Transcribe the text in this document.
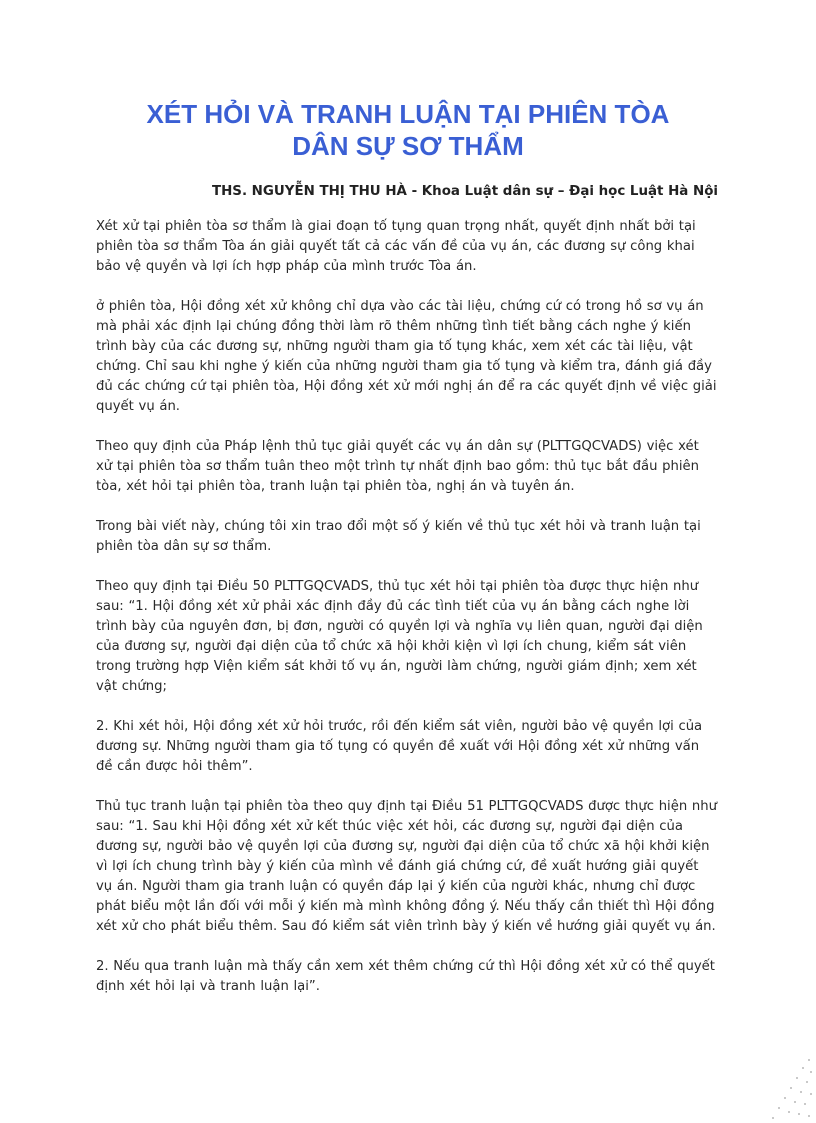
XÉT HỎI VÀ TRANH LUẬN TẠI PHIÊN TÒA
DÂN SỰ SƠ THẨM

THS. NGUYỄN THỊ THU HÀ - Khoa Luật dân sự – Đại học Luật Hà Nội

Xét xử tại phiên tòa sơ thẩm là giai đoạn tố tụng quan trọng nhất, quyết định nhất bởi tại phiên tòa sơ thẩm Tòa án giải quyết tất cả các vấn đề của vụ án, các đương sự công khai bảo vệ quyền và lợi ích hợp pháp của mình trước Tòa án.

ở phiên tòa, Hội đồng xét xử không chỉ dựa vào các tài liệu, chứng cứ có trong hồ sơ vụ án mà phải xác định lại chúng đồng thời làm rõ thêm những tình tiết bằng cách nghe ý kiến trình bày của các đương sự, những người tham gia tố tụng khác, xem xét các tài liệu, vật chứng. Chỉ sau khi nghe ý kiến của những người tham gia tố tụng và kiểm tra, đánh giá đầy đủ các chứng cứ tại phiên tòa, Hội đồng xét xử mới nghị án để ra các quyết định về việc giải quyết vụ án.

Theo quy định của Pháp lệnh thủ tục giải quyết các vụ án dân sự (PLTTGQCVADS) việc xét xử tại phiên tòa sơ thẩm tuân theo một trình tự nhất định bao gồm: thủ tục bắt đầu phiên tòa, xét hỏi tại phiên tòa, tranh luận tại phiên tòa, nghị án và tuyên án.

Trong bài viết này, chúng tôi xin trao đổi một số ý kiến về thủ tục xét hỏi và tranh luận tại phiên tòa dân sự sơ thẩm.

Theo quy định tại Điều 50 PLTTGQCVADS, thủ tục xét hỏi tại phiên tòa được thực hiện như sau: “1. Hội đồng xét xử phải xác định đầy đủ các tình tiết của vụ án bằng cách nghe lời trình bày của nguyên đơn, bị đơn, người có quyền lợi và nghĩa vụ liên quan, người đại diện của đương sự, người đại diện của tổ chức xã hội khởi kiện vì lợi ích chung, kiểm sát viên trong trường hợp Viện kiểm sát khởi tố vụ án, người làm chứng, người giám định; xem xét vật chứng;

2. Khi xét hỏi, Hội đồng xét xử hỏi trước, rồi đến kiểm sát viên, người bảo vệ quyền lợi của đương sự. Những người tham gia tố tụng có quyền đề xuất với Hội đồng xét xử những vấn đề cần được hỏi thêm”.

Thủ tục tranh luận tại phiên tòa theo quy định tại Điều 51 PLTTGQCVADS được thực hiện như sau: “1. Sau khi Hội đồng xét xử kết thúc việc xét hỏi, các đương sự, người đại diện của đương sự, người bảo vệ quyền lợi của đương sự, người đại diện của tổ chức xã hội khởi kiện vì lợi ích chung trình bày ý kiến của mình về đánh giá chứng cứ, đề xuất hướng giải quyết vụ án. Người tham gia tranh luận có quyền đáp lại ý kiến của người khác, nhưng chỉ được phát biểu một lần đối với mỗi ý kiến mà mình không đồng ý. Nếu thấy cần thiết thì Hội đồng xét xử cho phát biểu thêm. Sau đó kiểm sát viên trình bày ý kiến về hướng giải quyết vụ án.

2. Nếu qua tranh luận mà thấy cần xem xét thêm chứng cứ thì Hội đồng xét xử có thể quyết định xét hỏi lại và tranh luận lại”.
